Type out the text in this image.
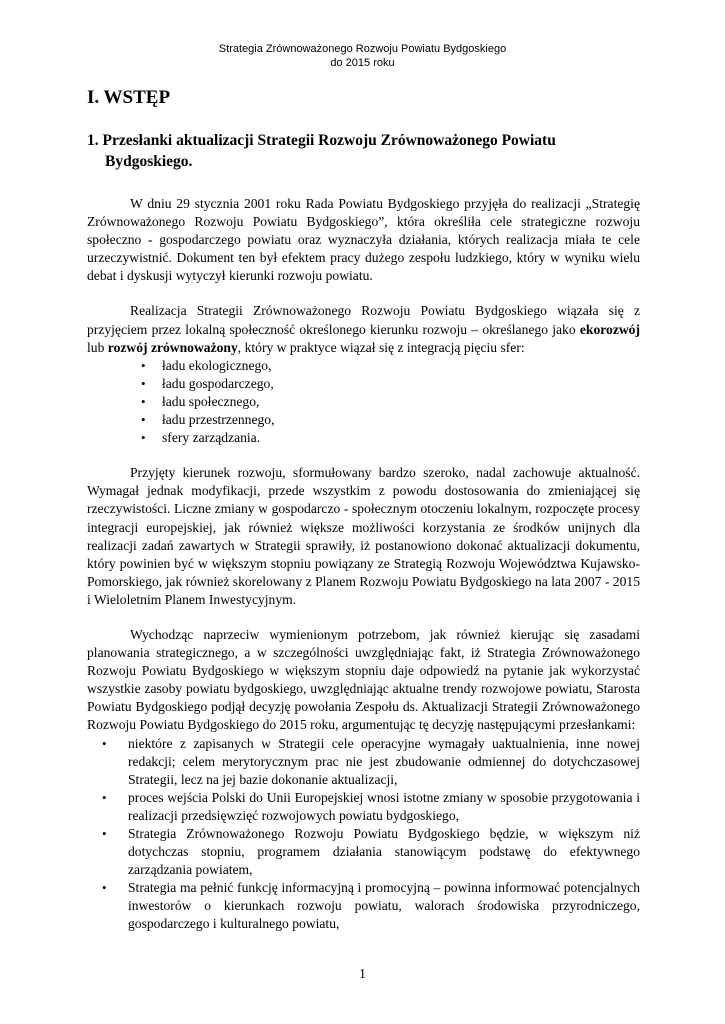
Strategia Zrównoważonego Rozwoju Powiatu Bydgoskiego
do 2015 roku
I. WSTĘP
1. Przesłanki aktualizacji Strategii Rozwoju Zrównoważonego Powiatu Bydgoskiego.

W dniu 29 stycznia 2001 roku Rada Powiatu Bydgoskiego przyjęła do realizacji „Strategię Zrównoważonego Rozwoju Powiatu Bydgoskiego”, która określiła cele strategiczne rozwoju społeczno - gospodarczego powiatu oraz wyznaczyła działania, których realizacja miała te cele urzeczywistnić. Dokument ten był efektem pracy dużego zespołu ludzkiego, który w wyniku wielu debat i dyskusji wytyczył kierunki rozwoju powiatu.

Realizacja Strategii Zrównoważonego Rozwoju Powiatu Bydgoskiego wiązała się z przyjęciem przez lokalną społeczność określonego kierunku rozwoju – określanego jako ekorozwój lub rozwój zrównoważony, który w praktyce wiązał się z integracją pięciu sfer:

• ładu ekologicznego,
• ładu gospodarczego,
• ładu społecznego,
• ładu przestrzennego,
• sfery zarządzania.

Przyjęty kierunek rozwoju, sformułowany bardzo szeroko, nadal zachowuje aktualność. Wymagał jednak modyfikacji, przede wszystkim z powodu dostosowania do zmieniającej się rzeczywistości. Liczne zmiany w gospodarczo - społecznym otoczeniu lokalnym, rozpoczęte procesy integracji europejskiej, jak również większe możliwości korzystania ze środków unijnych dla realizacji zadań zawartych w Strategii sprawiły, iż postanowiono dokonać aktualizacji dokumentu, który powinien być w większym stopniu powiązany ze Strategią Rozwoju Województwa Kujawsko-Pomorskiego, jak również skorelowany z Planem Rozwoju Powiatu Bydgoskiego na lata 2007 - 2015 i Wieloletnim Planem Inwestycyjnym.

Wychodząc naprzeciw wymienionym potrzebom, jak również kierując się zasadami planowania strategicznego, a w szczególności uwzględniając fakt, iż Strategia Zrównoważonego Rozwoju Powiatu Bydgoskiego w większym stopniu daje odpowiedź na pytanie jak wykorzystać wszystkie zasoby powiatu bydgoskiego, uwzględniając aktualne trendy rozwojowe powiatu, Starosta Powiatu Bydgoskiego podjął decyzję powołania Zespołu ds. Aktualizacji Strategii Zrównoważonego Rozwoju Powiatu Bydgoskiego do 2015 roku, argumentując tę decyzję następującymi przesłankami:

• niektóre z zapisanych w Strategii cele operacyjne wymagały uaktualnienia, inne nowej redakcji; celem merytorycznym prac nie jest zbudowanie odmiennej do dotychczasowej Strategii, lecz na jej bazie dokonanie aktualizacji,
• proces wejścia Polski do Unii Europejskiej wnosi istotne zmiany w sposobie przygotowania i realizacji przedsięwzięć rozwojowych powiatu bydgoskiego,
• Strategia Zrównoważonego Rozwoju Powiatu Bydgoskiego będzie, w większym niż dotychczas stopniu, programem działania stanowiącym podstawę do efektywnego zarządzania powiatem,
• Strategia ma pełnić funkcję informacyjną i promocyjną – powinna informować potencjalnych inwestorów o kierunkach rozwoju powiatu, walorach środowiska przyrodniczego, gospodarczego i kulturalnego powiatu,
1
